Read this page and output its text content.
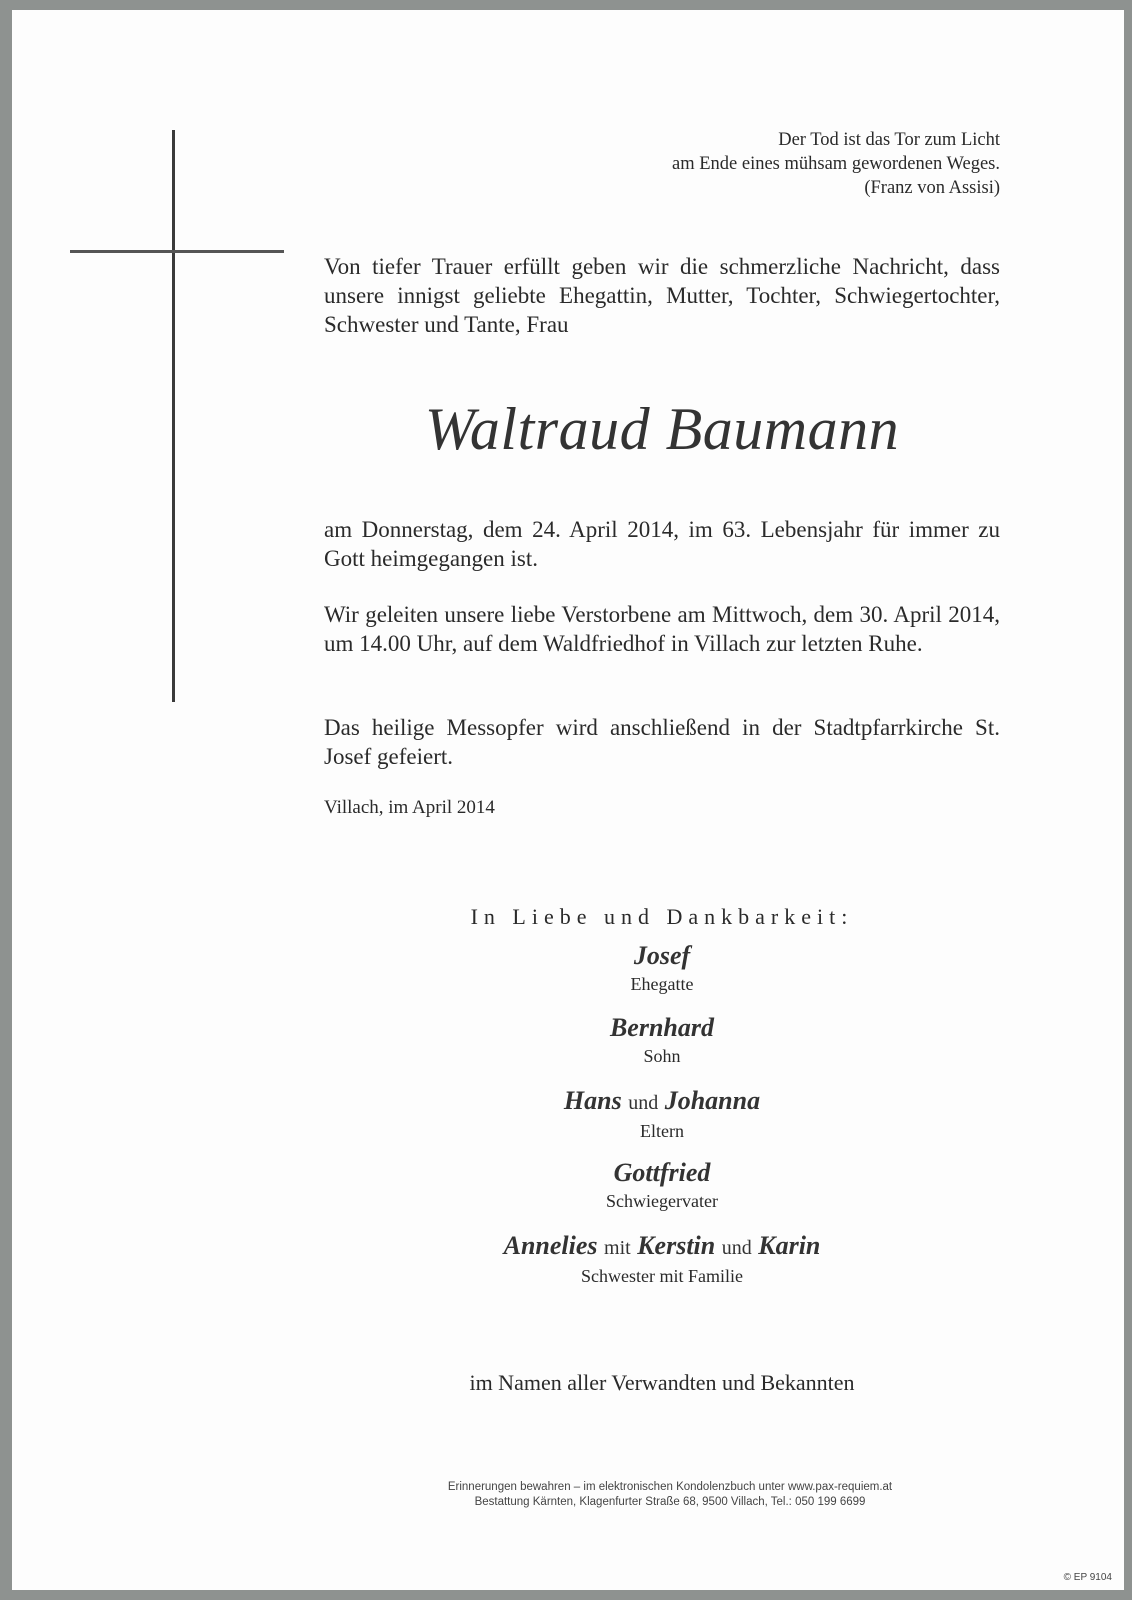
Der Tod ist das Tor zum Licht
am Ende eines mühsam gewordenen Weges.
(Franz von Assisi)
Von tiefer Trauer erfüllt geben wir die schmerzliche Nachricht, dass unsere innigst geliebte Ehegattin, Mutter, Tochter, Schwiegertochter, Schwester und Tante, Frau
Waltraud Baumann
am Donnerstag, dem 24. April 2014, im 63. Lebensjahr für immer zu Gott heimgegangen ist.
Wir geleiten unsere liebe Verstorbene am Mittwoch, dem 30. April 2014, um 14.00 Uhr, auf dem Waldfriedhof in Villach zur letzten Ruhe.
Das heilige Messopfer wird anschließend in der Stadtpfarrkirche St. Josef gefeiert.
Villach, im April 2014
In Liebe und Dankbarkeit:
Josef
Ehegatte
Bernhard
Sohn
Hans und Johanna
Eltern
Gottfried
Schwiegervater
Annelies mit Kerstin und Karin
Schwester mit Familie
im Namen aller Verwandten und Bekannten
Erinnerungen bewahren – im elektronischen Kondolenzbuch unter www.pax-requiem.at
Bestattung Kärnten, Klagenfurter Straße 68, 9500 Villach, Tel.: 050 199 6699
© EP 9104
